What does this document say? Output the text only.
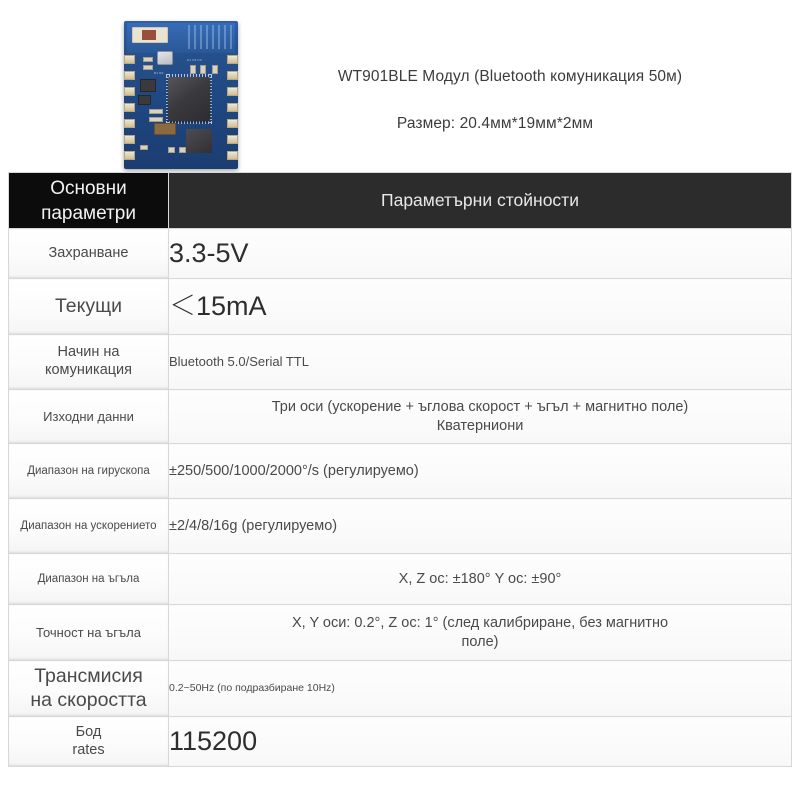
R1 R2
U1 C3 C4
WT901BLE Модул (Bluetooth комуникация 50м)
Размер: 20.4мм*19мм*2мм
Основни
параметри	Параметърни стойности
Захранване	3.3-5V
Текущи	＜15mA
Начин на
комуникация	Bluetooth 5.0/Serial TTL
Изходни данни	Три оси (ускорение + ъглова скорост + ъгъл + магнитно поле)
Кватерниони

Диапазон на гирускопа	±250/500/1000/2000°/s (регулируемо)
Диапазон на ускорението	±2/4/8/16g (регулируемо)
Диапазон на ъгъла	X, Z ос: ±180° Y ос: ±90°

Точност на ъгъла	X, Y оси: 0.2°, Z ос: 1° (след калибриране, без магнитно
поле)

Трансмисия
на скоростта	0.2~50Hz (по подразбиране 10Hz)
Бод
rates	115200
